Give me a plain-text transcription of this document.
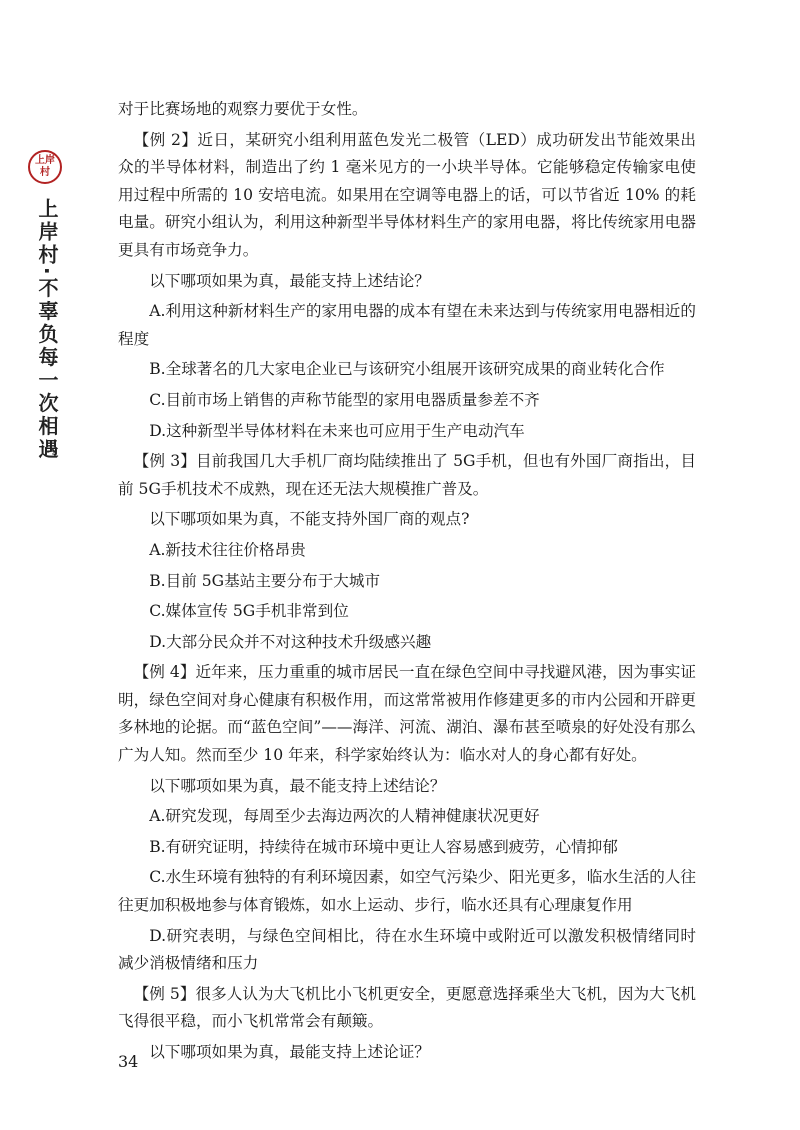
上岸
村
上岸村·不辜负每一次相遇

对于比赛场地的观察力要优于女性。

【例 2】近日，某研究小组利用蓝色发光二极管（LED）成功研发出节能效果出众的半导体材料，制造出了约 1 毫米见方的一小块半导体。它能够稳定传输家电使用过程中所需的 10 安培电流。如果用在空调等电器上的话，可以节省近 10% 的耗电量。研究小组认为，利用这种新型半导体材料生产的家用电器，将比传统家用电器更具有市场竞争力。

以下哪项如果为真，最能支持上述结论？

A.利用这种新材料生产的家用电器的成本有望在未来达到与传统家用电器相近的程度

B.全球著名的几大家电企业已与该研究小组展开该研究成果的商业转化合作

C.目前市场上销售的声称节能型的家用电器质量参差不齐

D.这种新型半导体材料在未来也可应用于生产电动汽车

【例 3】目前我国几大手机厂商均陆续推出了 5G手机，但也有外国厂商指出，目前 5G手机技术不成熟，现在还无法大规模推广普及。

以下哪项如果为真，不能支持外国厂商的观点?

A.新技术往往价格昂贵

B.目前 5G基站主要分布于大城市

C.媒体宣传 5G手机非常到位

D.大部分民众并不对这种技术升级感兴趣

【例 4】近年来，压力重重的城市居民一直在绿色空间中寻找避风港，因为事实证明，绿色空间对身心健康有积极作用，而这常常被用作修建更多的市内公园和开辟更多林地的论据。而“蓝色空间”——海洋、河流、湖泊、瀑布甚至喷泉的好处没有那么广为人知。然而至少 10 年来，科学家始终认为：临水对人的身心都有好处。

以下哪项如果为真，最不能支持上述结论？

A.研究发现，每周至少去海边两次的人精神健康状况更好

B.有研究证明，持续待在城市环境中更让人容易感到疲劳，心情抑郁

C.水生环境有独特的有利环境因素，如空气污染少、阳光更多，临水生活的人往往更加积极地参与体育锻炼，如水上运动、步行，临水还具有心理康复作用

D.研究表明，与绿色空间相比，待在水生环境中或附近可以激发积极情绪同时减少消极情绪和压力

【例 5】很多人认为大飞机比小飞机更安全，更愿意选择乘坐大飞机，因为大飞机飞得很平稳，而小飞机常常会有颠簸。

以下哪项如果为真，最能支持上述论证？

34
